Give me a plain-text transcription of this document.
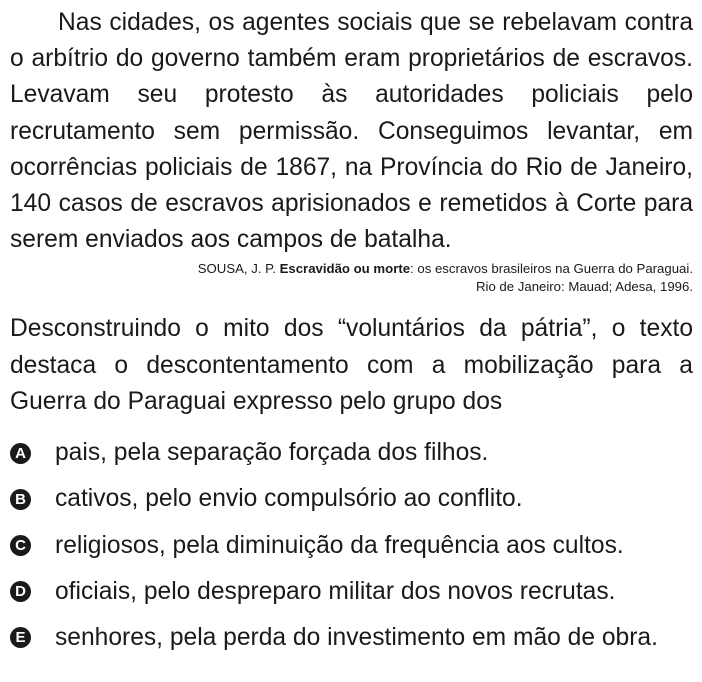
Nas cidades, os agentes sociais que se rebelavam contra o arbítrio do governo também eram proprietários de escravos. Levavam seu protesto às autoridades policiais pelo recrutamento sem permissão. Conseguimos levantar, em ocorrências policiais de 1867, na Província do Rio de Janeiro, 140 casos de escravos aprisionados e remetidos à Corte para serem enviados aos campos de batalha.

SOUSA, J. P. Escravidão ou morte: os escravos brasileiros na Guerra do Paraguai.
Rio de Janeiro: Mauad; Adesa, 1996.

Desconstruindo o mito dos “voluntários da pátria”, o texto destaca o descontentamento com a mobilização para a Guerra do Paraguai expresso pelo grupo dos

A pais, pela separação forçada dos filhos.
B cativos, pelo envio compulsório ao conflito.
C religiosos, pela diminuição da frequência aos cultos.
D oficiais, pelo despreparo militar dos novos recrutas.
E senhores, pela perda do investimento em mão de obra.
